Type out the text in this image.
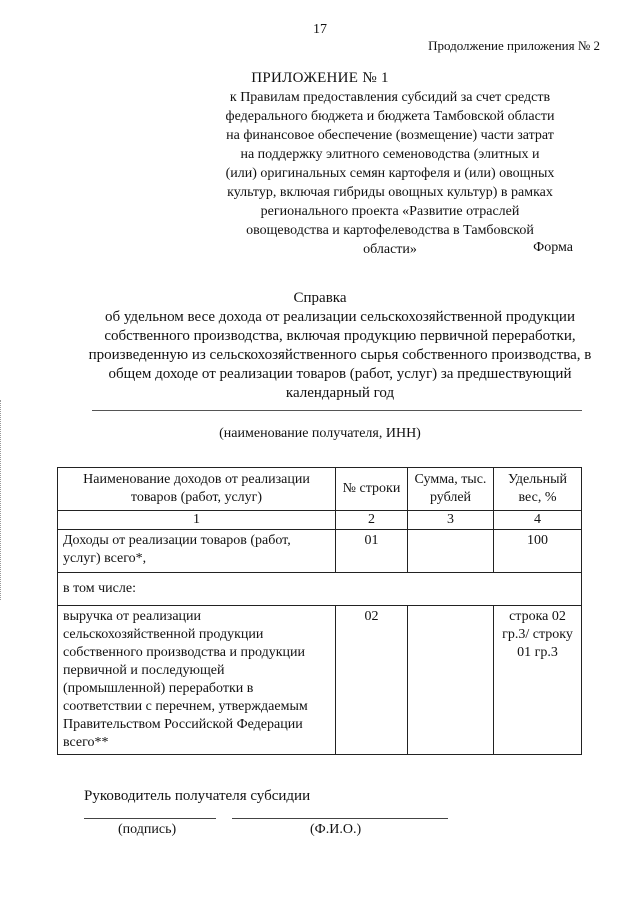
17
Продолжение приложения № 2
ПРИЛОЖЕНИЕ № 1
к Правилам предоставления субсидий за счет средств
федерального бюджета и бюджета Тамбовской области
на финансовое обеспечение (возмещение) части затрат
на поддержку элитного семеноводства (элитных и
(или) оригинальных семян картофеля и (или) овощных
культур, включая гибриды овощных культур) в рамках
регионального проекта «Развитие отраслей
овощеводства и картофелеводства в Тамбовской
области»	Форма
Справка
об удельном весе дохода от реализации сельскохозяйственной продукции
собственного производства, включая продукцию первичной переработки,
произведенную из сельскохозяйственного сырья собственного производства, в
общем доходе от реализации товаров (работ, услуг) за предшествующий
календарный год
(наименование получателя, ИНН)
Наименование доходов от реализации товаров (работ, услуг)	№ строки	Сумма, тыс. рублей	Удельный вес, %
1	2	3	4
Доходы от реализации товаров (работ, услуг) всего*,	01		100
в том числе:			
выручка от реализации сельскохозяйственной продукции собственного производства и продукции первичной и последующей (промышленной) переработки в соответствии с перечнем, утверждаемым Правительством Российской Федерации всего**	02		строка 02 гр.3/ строку 01 гр.3
Руководитель получателя субсидии
(подпись)	(Ф.И.О.)
